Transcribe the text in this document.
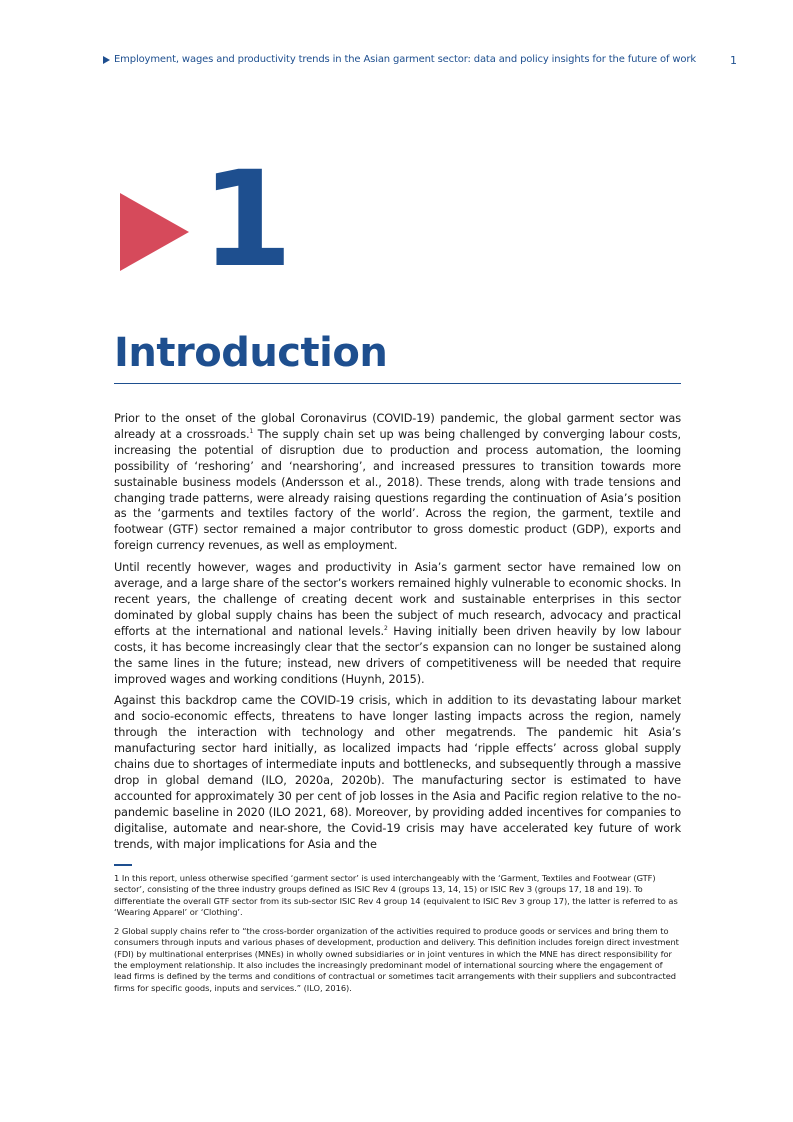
Employment, wages and productivity trends in the Asian garment sector: data and policy insights for the future of work	1
1
Introduction

Prior to the onset of the global Coronavirus (COVID-19) pandemic, the global garment sector was already at a crossroads.$^1$ The supply chain set up was being challenged by converging labour costs, increasing the potential of disruption due to production and process automation, the looming possibility of ‘reshoring’ and ‘nearshoring’, and increased pressures to transition towards more sustainable business models (Andersson et al., 2018). These trends, along with trade tensions and changing trade patterns, were already raising questions regarding the continuation of Asia’s position as the ‘garments and textiles factory of the world’. Across the region, the garment, textile and footwear (GTF) sector remained a major contributor to gross domestic product (GDP), exports and foreign currency revenues, as well as employment.

Until recently however, wages and productivity in Asia’s garment sector have remained low on average, and a large share of the sector’s workers remained highly vulnerable to economic shocks. In recent years, the challenge of creating decent work and sustainable enterprises in this sector dominated by global supply chains has been the subject of much research, advocacy and practical efforts at the international and national levels.$^2$ Having initially been driven heavily by low labour costs, it has become increasingly clear that the sector’s expansion can no longer be sustained along the same lines in the future; instead, new drivers of competitiveness will be needed that require improved wages and working conditions (Huynh, 2015).

Against this backdrop came the COVID-19 crisis, which in addition to its devastating labour market and socio-economic effects, threatens to have longer lasting impacts across the region, namely through the interaction with technology and other megatrends. The pandemic hit Asia’s manufacturing sector hard initially, as localized impacts had ‘ripple effects’ across global supply chains due to shortages of intermediate inputs and bottlenecks, and subsequently through a massive drop in global demand (ILO, 2020a, 2020b). The manufacturing sector is estimated to have accounted for approximately 30 per cent of job losses in the Asia and Pacific region relative to the no-pandemic baseline in 2020 (ILO 2021, 68). Moreover, by providing added incentives for companies to digitalise, automate and near-shore, the Covid-19 crisis may have accelerated key future of work trends, with major implications for Asia and the

1 In this report, unless otherwise specified ‘garment sector’ is used interchangeably with the ‘Garment, Textiles and Footwear (GTF) sector’, consisting of the three industry groups defined as ISIC Rev 4 (groups 13, 14, 15) or ISIC Rev 3 (groups 17, 18 and 19). To differentiate the overall GTF sector from its sub-sector ISIC Rev 4 group 14 (equivalent to ISIC Rev 3 group 17), the latter is referred to as ‘Wearing Apparel’ or ‘Clothing’.

2 Global supply chains refer to “the cross-border organization of the activities required to produce goods or services and bring them to consumers through inputs and various phases of development, production and delivery. This definition includes foreign direct investment (FDI) by multinational enterprises (MNEs) in wholly owned subsidiaries or in joint ventures in which the MNE has direct responsibility for the employment relationship. It also includes the increasingly predominant model of international sourcing where the engagement of lead firms is defined by the terms and conditions of contractual or sometimes tacit arrangements with their suppliers and subcontracted firms for specific goods, inputs and services.” (ILO, 2016).
